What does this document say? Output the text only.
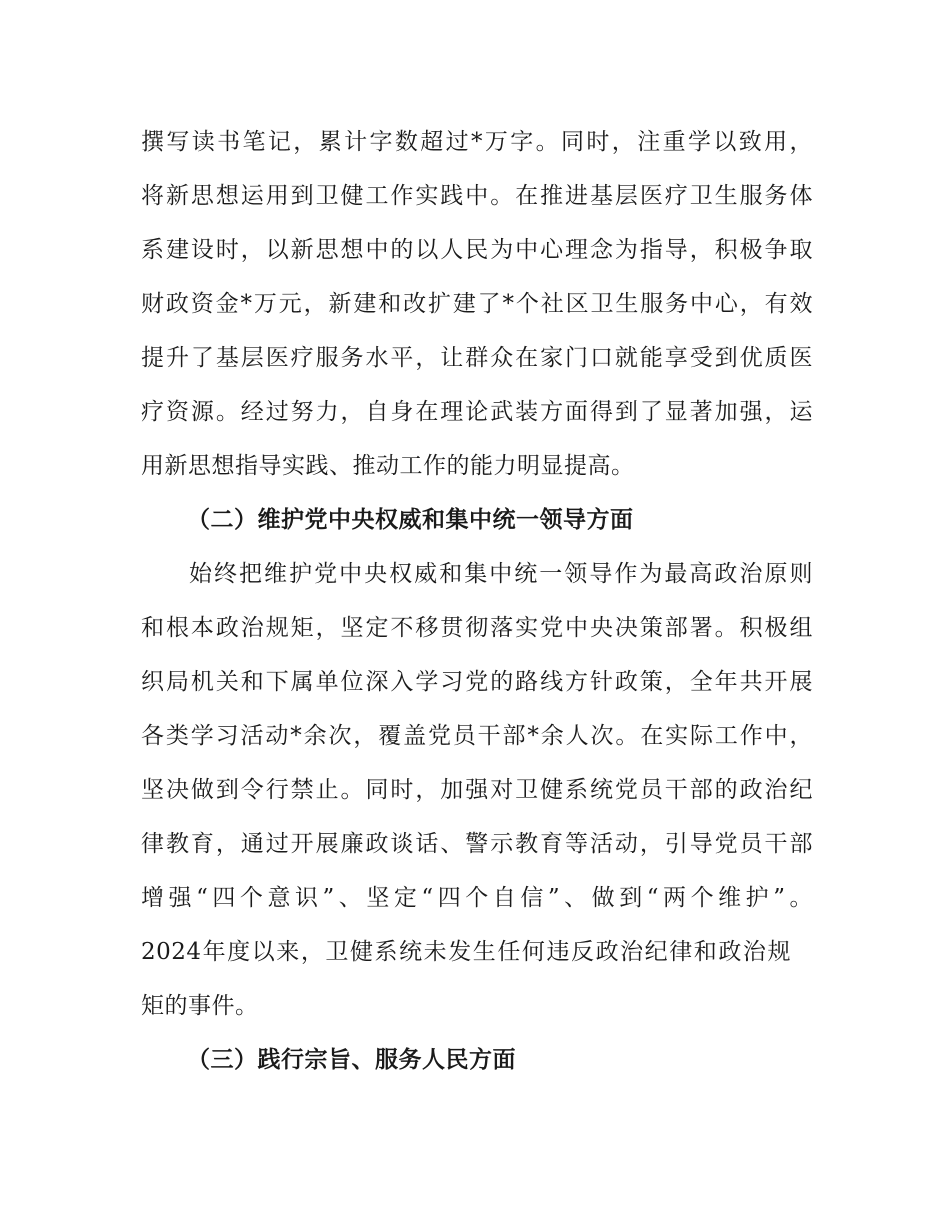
撰写读书笔记，累计字数超过*万字。同时，注重学以致用，
将新思想运用到卫健工作实践中。在推进基层医疗卫生服务体
系建设时，以新思想中的以人民为中心理念为指导，积极争取
财政资金*万元，新建和改扩建了*个社区卫生服务中心，有效
提升了基层医疗服务水平，让群众在家门口就能享受到优质医
疗资源。经过努力，自身在理论武装方面得到了显著加强，运
用新思想指导实践、推动工作的能力明显提高。
（二）维护党中央权威和集中统一领导方面
始终把维护党中央权威和集中统一领导作为最高政治原则
和根本政治规矩，坚定不移贯彻落实党中央决策部署。积极组
织局机关和下属单位深入学习党的路线方针政策，全年共开展
各类学习活动*余次，覆盖党员干部*余人次。在实际工作中，
坚决做到令行禁止。同时，加强对卫健系统党员干部的政治纪
律教育，通过开展廉政谈话、警示教育等活动，引导党员干部
增强“四个意识”、坚定“四个自信”、做到“两个维护”。
2024年度以来，卫健系统未发生任何违反政治纪律和政治规
矩的事件。
（三）践行宗旨、服务人民方面
